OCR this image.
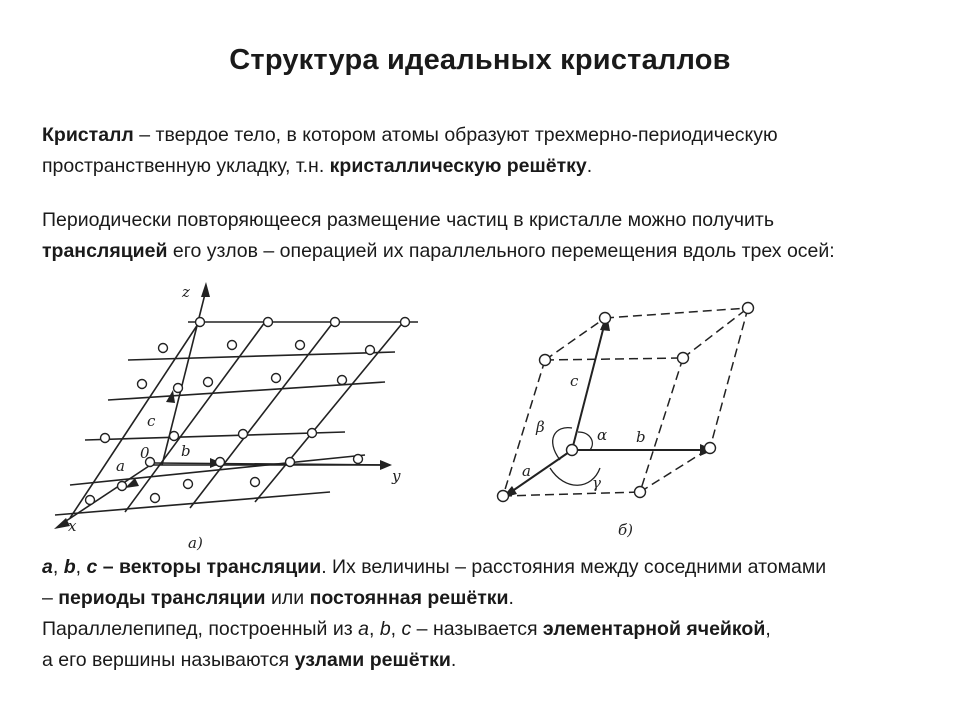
Структура идеальных кристаллов
Кристалл – твердое тело, в котором атомы образуют трехмерно-периодическую
пространственную укладку, т.н. кристаллическую решётку.
Периодически повторяющееся размещение частиц в кристалле можно получить
трансляцией его узлов – операцией их параллельного перемещения вдоль трех осей:
z
y
x
0
a
b
c
а)
c
b
a
β	α
γ
б)
a, b, c – векторы трансляции. Их величины – расстояния между соседними атомами
– периоды трансляции или постоянная решётки.
Параллелепипед, построенный из a, b, c – называется элементарной ячейкой,
а его вершины называются узлами решётки.
